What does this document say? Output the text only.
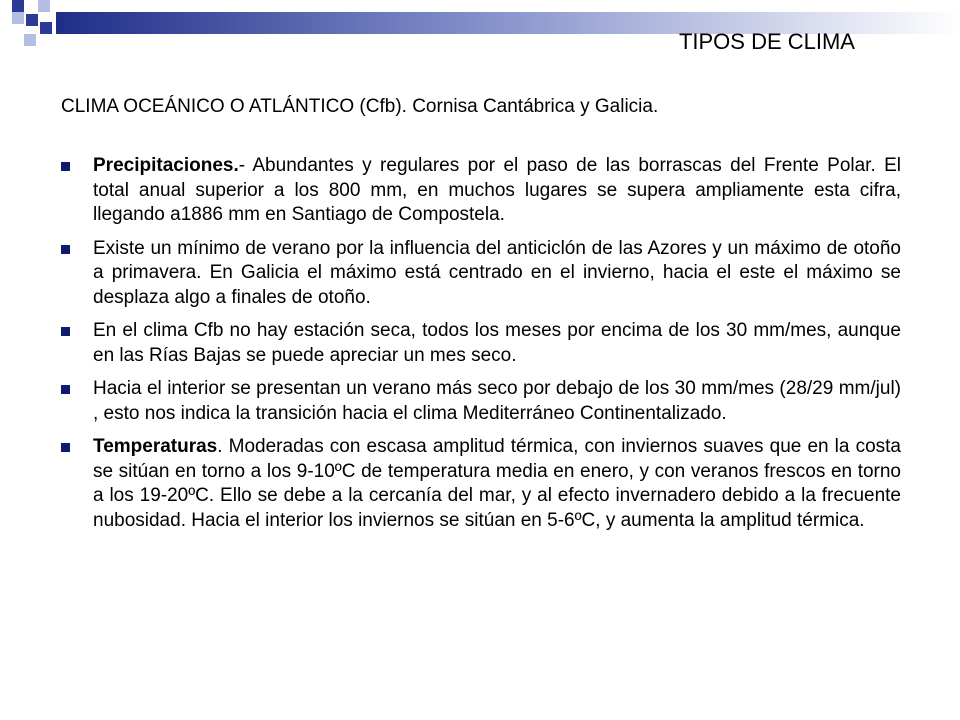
TIPOS DE CLIMA
CLIMA OCEÁNICO O ATLÁNTICO (Cfb). Cornisa Cantábrica y Galicia.
Precipitaciones.- Abundantes y regulares por el paso de las borrascas del Frente Polar. El total anual superior a los 800 mm, en muchos lugares se supera ampliamente esta cifra, llegando a1886 mm en Santiago de Compostela.
Existe un mínimo de verano por la influencia del anticiclón de las Azores y un máximo de otoño a primavera. En Galicia el máximo está centrado en el invierno, hacia el este el máximo se desplaza algo a finales de otoño.
En el clima Cfb no hay estación seca, todos los meses por encima de los 30 mm/mes, aunque en las Rías Bajas se puede apreciar un mes seco.
Hacia el interior se presentan un verano más seco por debajo de los 30 mm/mes (28/29 mm/jul) , esto nos indica la transición hacia el clima Mediterráneo Continentalizado.
Temperaturas. Moderadas con escasa amplitud térmica, con inviernos suaves que en la costa se sitúan en torno a los 9-10ºC de temperatura media en enero, y con veranos frescos en torno a los 19-20ºC. Ello se debe a la cercanía del mar, y al efecto invernadero debido a la frecuente nubosidad. Hacia el interior los inviernos se sitúan en 5-6ºC, y aumenta la amplitud térmica.
